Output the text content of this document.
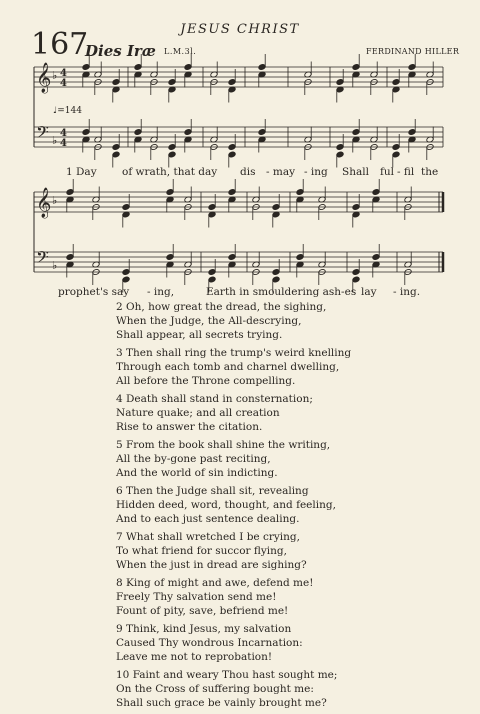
JESUS CHRIST
167
Dies Iræ L.M.3l.	FERDINAND HILLER
♩=144
𝄞
𝄢
♭
♭
4
4
4
4
𝄞
𝄢
♭
♭
1 Day of wrath, that day dis - may - ing Shall ful - fil the
prophet's say - ing,	Earth in smouldering ash-es lay - ing.
2 Oh, how great the dread, the sighing,
When the Judge, the All-descrying,
Shall appear, all secrets trying.
3 Then shall ring the trump's weird knelling
Through each tomb and charnel dwelling,
All before the Throne compelling.
4 Death shall stand in consternation;
Nature quake; and all creation
Rise to answer the citation.
5 From the book shall shine the writing,
All the by-gone past reciting,
And the world of sin indicting.
6 Then the Judge shall sit, revealing
Hidden deed, word, thought, and feeling,
And to each just sentence dealing.
7 What shall wretched I be crying,
To what friend for succor flying,
When the just in dread are sighing?
8 King of might and awe, defend me!
Freely Thy salvation send me!
Fount of pity, save, befriend me!
9 Think, kind Jesus, my salvation
Caused Thy wondrous Incarnation:
Leave me not to reprobation!
10 Faint and weary Thou hast sought me;
On the Cross of suffering bought me:
Shall such grace be vainly brought me?
